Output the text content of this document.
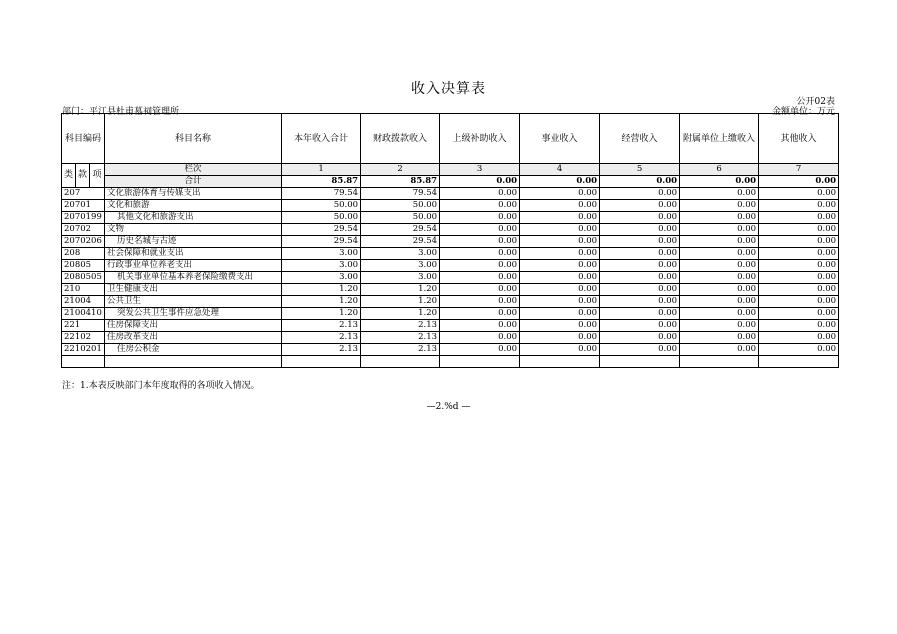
收入决算表
公开02表
部门：平江县杜甫墓祠管理所	金额单位：万元
科目编码			科目名称	本年收入合计	财政拨款收入	上级补助收入	事业收入	经营收入	附属单位上缴收入	其他收入
类	款	项	栏次	1	2	3	4	5	6	7
			合计	85.87	85.87	0.00	0.00	0.00	0.00	0.00
207			文化旅游体育与传媒支出	79.54	79.54	0.00	0.00	0.00	0.00	0.00
20701			文化和旅游	50.00	50.00	0.00	0.00	0.00	0.00	0.00
2070199			其他文化和旅游支出	50.00	50.00	0.00	0.00	0.00	0.00	0.00
20702			文物	29.54	29.54	0.00	0.00	0.00	0.00	0.00
2070206			历史名城与古迹	29.54	29.54	0.00	0.00	0.00	0.00	0.00
208			社会保障和就业支出	3.00	3.00	0.00	0.00	0.00	0.00	0.00
20805			行政事业单位养老支出	3.00	3.00	0.00	0.00	0.00	0.00	0.00
2080505			机关事业单位基本养老保险缴费支出	3.00	3.00	0.00	0.00	0.00	0.00	0.00
210			卫生健康支出	1.20	1.20	0.00	0.00	0.00	0.00	0.00
21004			公共卫生	1.20	1.20	0.00	0.00	0.00	0.00	0.00
2100410			突发公共卫生事件应急处理	1.20	1.20	0.00	0.00	0.00	0.00	0.00
221			住房保障支出	2.13	2.13	0.00	0.00	0.00	0.00	0.00
22102			住房改革支出	2.13	2.13	0.00	0.00	0.00	0.00	0.00
2210201			住房公积金	2.13	2.13	0.00	0.00	0.00	0.00	0.00

注：1.本表反映部门本年度取得的各项收入情况。
—2.%d —
